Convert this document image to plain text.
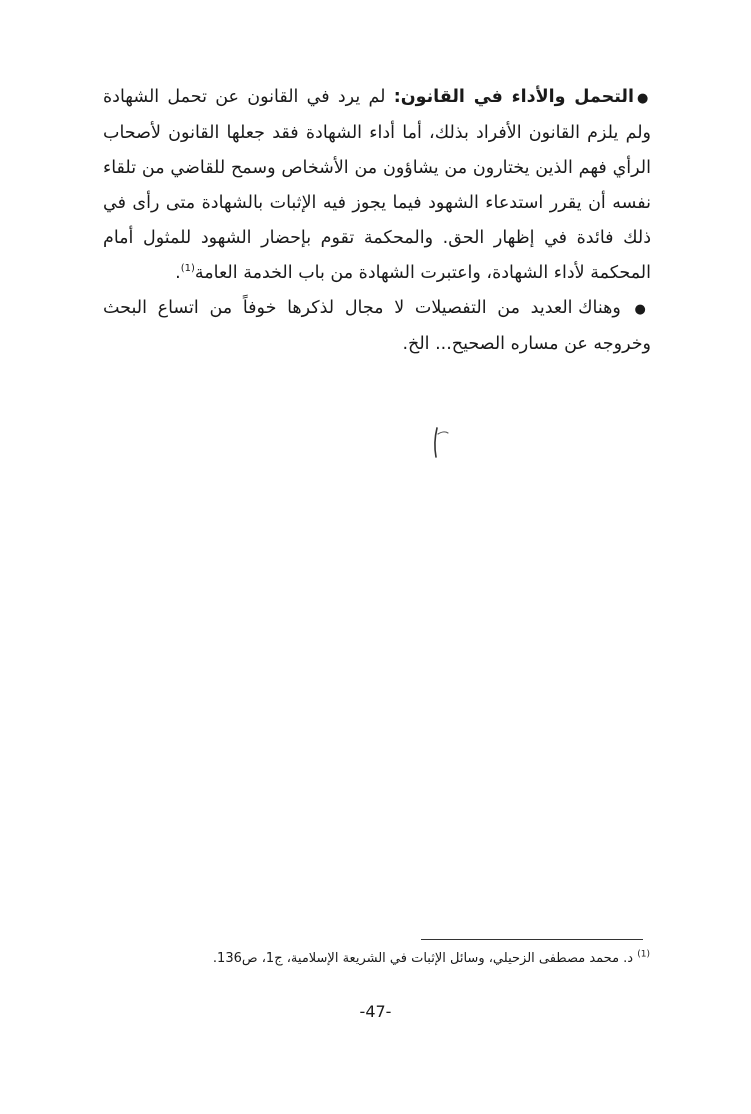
●التحمل والأداء في القانون: لم يرد في القانون عن تحمل الشهادة ولم يلزم القانون الأفراد بذلك، أما أداء الشهادة فقد جعلها القانون لأصحاب الرأي فهم الذين يختارون من يشاؤون من الأشخاص وسمح للقاضي من تلقاء نفسه أن يقرر استدعاء الشهود فيما يجوز فيه الإثبات بالشهادة متى رأى في ذلك فائدة في إظهار الحق. والمحكمة تقوم بإحضار الشهود للمثول أمام المحكمة لأداء الشهادة، واعتبرت الشهادة من باب الخدمة العامة$^{(1)}$.

● وهناك العديد من التفصيلات لا مجال لذكرها خوفاً من اتساع البحث وخروجه عن مساره الصحيح... الخ.

$^{(1)}$ د. محمد مصطفى الزحيلي، وسائل الإثبات في الشريعة الإسلامية، ج1، ص136.
-47-
